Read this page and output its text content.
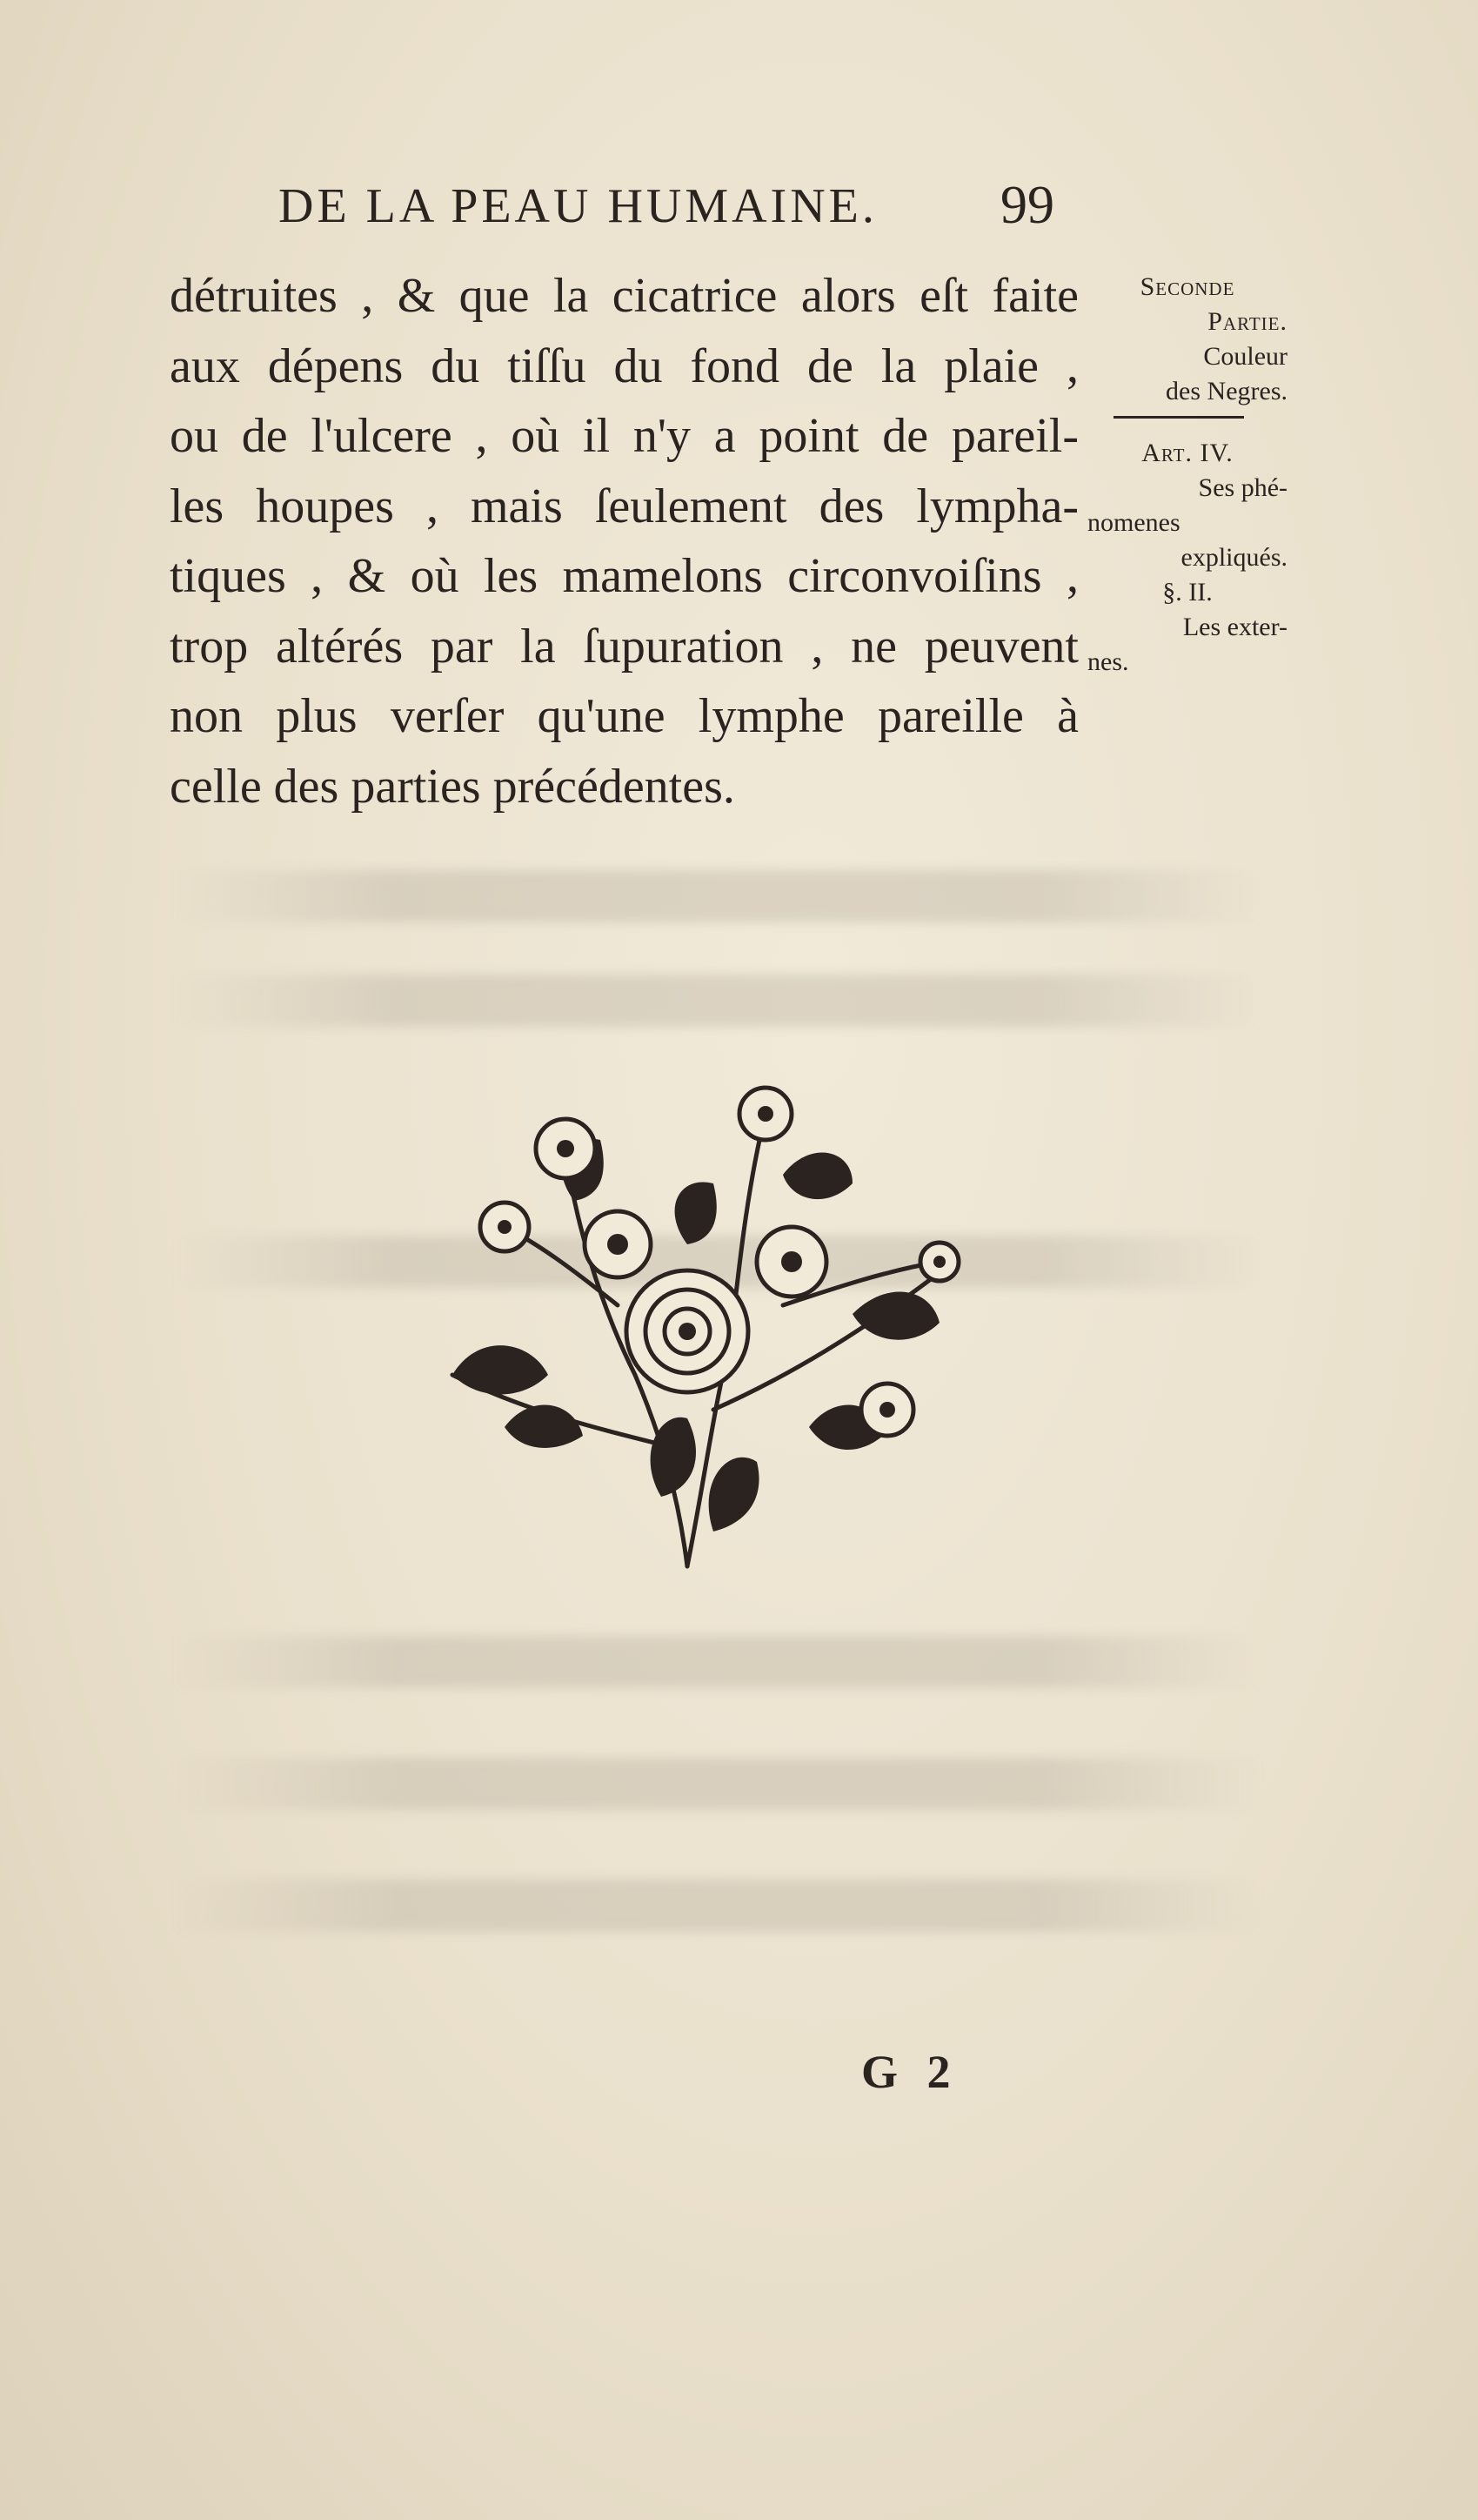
DE LA PEAU HUMAINE. 99
détruites , & que la cicatrice alors eſt faite
aux dépens du tiſſu du fond de la plaie ,
ou de l'ulcere , où il n'y a point de pareil-
les houpes , mais ſeulement des lympha-
tiques , & où les mamelons circonvoiſins ,
trop altérés par la ſupuration , ne peuvent
non plus verſer qu'une lymphe pareille à
celle des parties précédentes.
Seconde
Partie.
Couleur
des Negres.
Art. IV.
Ses phé-
nomenes
expliqués.
§. II.
Les exter-
nes.
G 2
